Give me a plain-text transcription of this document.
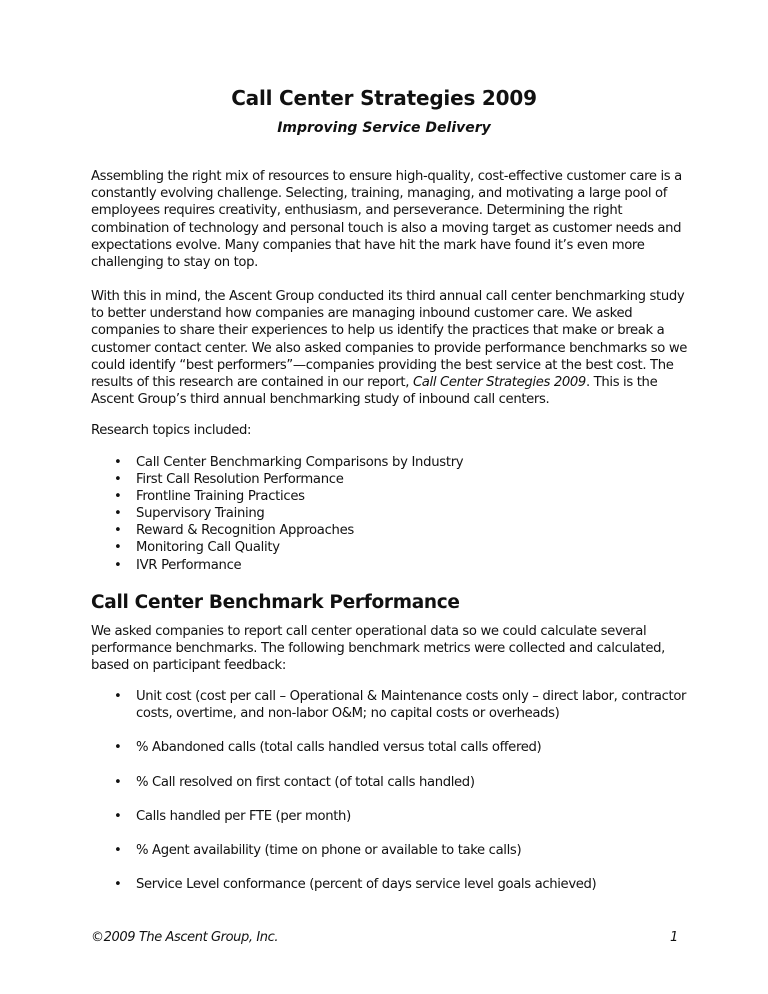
Call Center Strategies 2009
Improving Service Delivery

Assembling the right mix of resources to ensure high-quality, cost-effective customer care is a constantly evolving challenge. Selecting, training, managing, and motivating a large pool of employees requires creativity, enthusiasm, and perseverance. Determining the right combination of technology and personal touch is also a moving target as customer needs and expectations evolve. Many companies that have hit the mark have found it’s even more challenging to stay on top.

With this in mind, the Ascent Group conducted its third annual call center benchmarking study to better understand how companies are managing inbound customer care. We asked companies to share their experiences to help us identify the practices that make or break a customer contact center. We also asked companies to provide performance benchmarks so we could identify “best performers”—companies providing the best service at the best cost. The results of this research are contained in our report, Call Center Strategies 2009. This is the Ascent Group’s third annual benchmarking study of inbound call centers.

Research topics included:

• Call Center Benchmarking Comparisons by Industry
• First Call Resolution Performance
• Frontline Training Practices
• Supervisory Training
• Reward & Recognition Approaches
• Monitoring Call Quality
• IVR Performance
Call Center Benchmark Performance

We asked companies to report call center operational data so we could calculate several performance benchmarks. The following benchmark metrics were collected and calculated, based on participant feedback:

• Unit cost (cost per call – Operational & Maintenance costs only – direct labor, contractor costs, overtime, and non-labor O&M; no capital costs or overheads)
• % Abandoned calls (total calls handled versus total calls offered)
• % Call resolved on first contact (of total calls handled)
• Calls handled per FTE (per month)
• % Agent availability (time on phone or available to take calls)
• Service Level conformance (percent of days service level goals achieved)
©2009 The Ascent Group, Inc.	1
